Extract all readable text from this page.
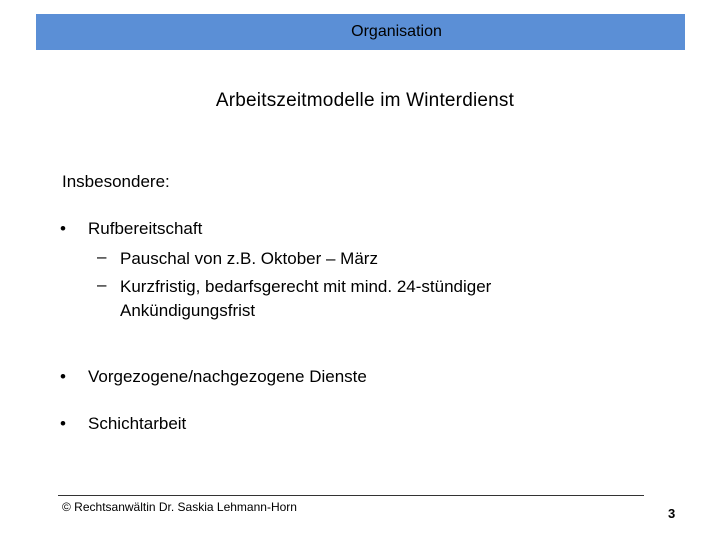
Organisation
Arbeitszeitmodelle im Winterdienst
Insbesondere:
•	Rufbereitschaft
– Pauschal von z.B. Oktober – März
– Kurzfristig, bedarfsgerecht mit mind. 24-stündiger Ankündigungsfrist
•	Vorgezogene/nachgezogene Dienste
•	Schichtarbeit
© Rechtsanwältin Dr. Saskia Lehmann-Horn	3
